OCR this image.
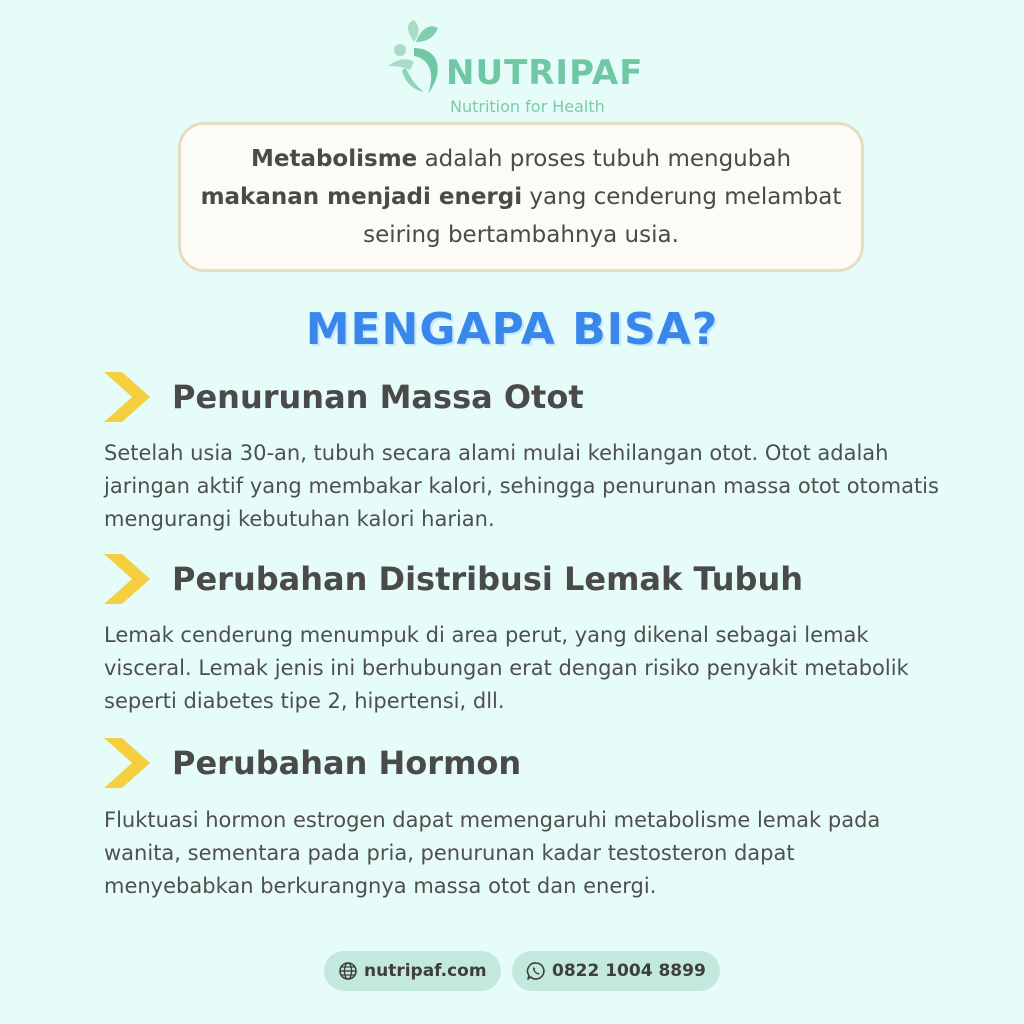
NUTRIPAF
Nutrition for Health
Metabolisme adalah proses tubuh mengubah makanan menjadi energi yang cenderung melambat seiring bertambahnya usia.
MENGAPA BISA?
Penurunan Massa Otot
Setelah usia 30-an, tubuh secara alami mulai kehilangan otot. Otot adalah jaringan aktif yang membakar kalori, sehingga penurunan massa otot otomatis mengurangi kebutuhan kalori harian.
Perubahan Distribusi Lemak Tubuh
Lemak cenderung menumpuk di area perut, yang dikenal sebagai lemak visceral. Lemak jenis ini berhubungan erat dengan risiko penyakit metabolik seperti diabetes tipe 2, hipertensi, dll.
Perubahan Hormon
Fluktuasi hormon estrogen dapat memengaruhi metabolisme lemak pada wanita, sementara pada pria, penurunan kadar testosteron dapat menyebabkan berkurangnya massa otot dan energi.
nutripaf.com	0822 1004 8899
